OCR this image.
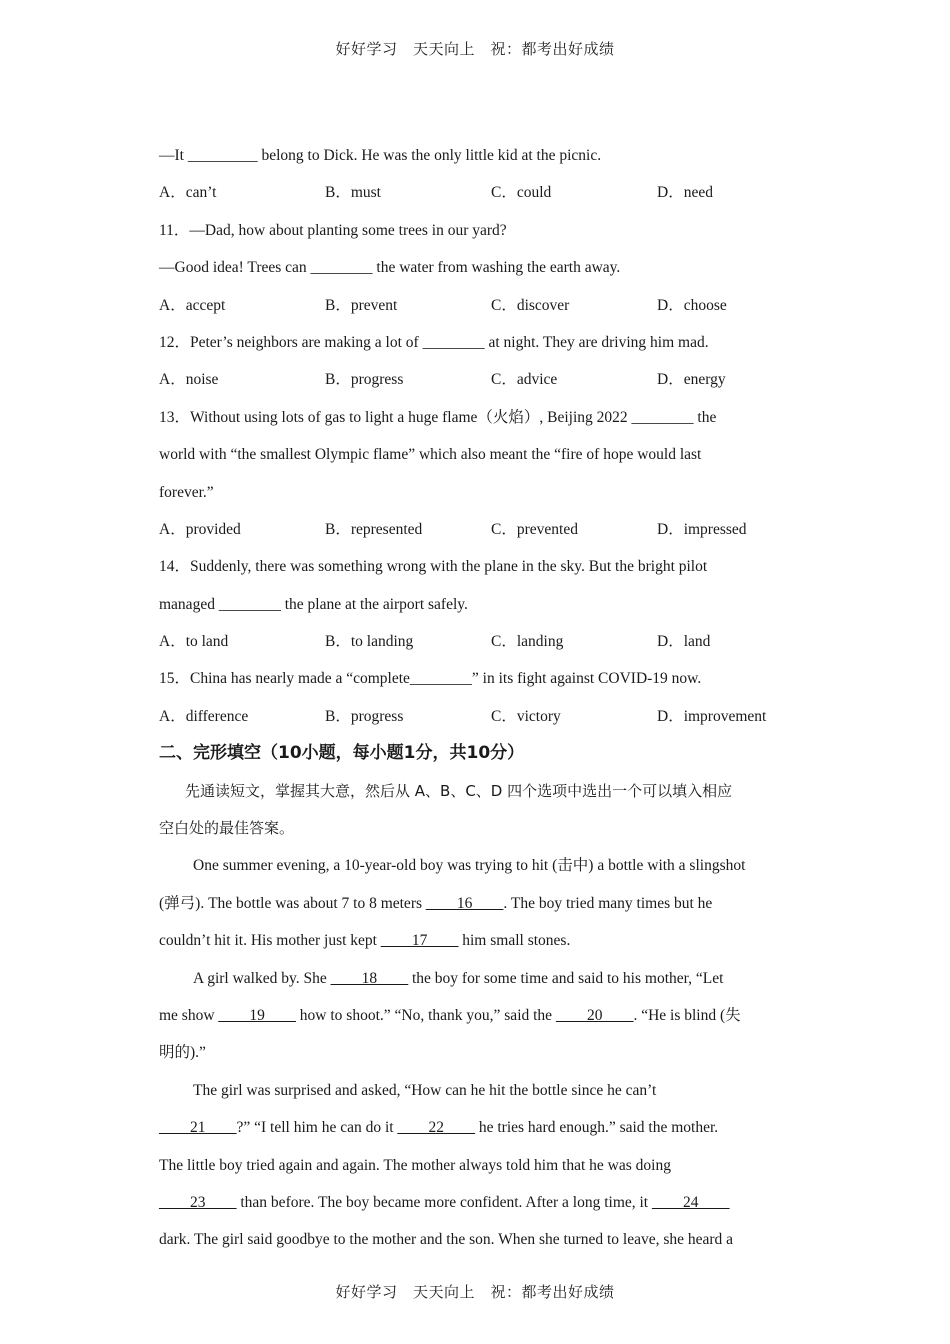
好好学习　天天向上　祝：都考出好成绩
—It _________ belong to Dick. He was the only little kid at the picnic.
A．can’t	B．must	C．could	D．need
11．—Dad, how about planting some trees in our yard?
—Good idea! Trees can ________ the water from washing the earth away.
A．accept	B．prevent	C．discover	D．choose
12．Peter’s neighbors are making a lot of ________ at night. They are driving him mad.
A．noise	B．progress	C．advice	D．energy
13．Without using lots of gas to light a huge flame（火焰）, Beijing 2022 ________ the
world with “the smallest Olympic flame” which also meant the “fire of hope would last
forever.”
A．provided	B．represented	C．prevented	D．impressed
14．Suddenly, there was something wrong with the plane in the sky. But the bright pilot
managed ________ the plane at the airport safely.
A．to land	B．to landing	C．landing	D．land
15．China has nearly made a “complete________” in its fight against COVID-19 now.
A．difference	B．progress	C．victory	D．improvement
二、完形填空（10小题，每小题1分，共10分）
先通读短文，掌握其大意，然后从 A、B、C、D 四个选项中选出一个可以填入相应
空白处的最佳答案。
One summer evening, a 10-year-old boy was trying to hit (击中) a bottle with a slingshot
(弹弓). The bottle was about 7 to 8 meters ____16____. The boy tried many times but he
couldn’t hit it. His mother just kept ____17____ him small stones.
A girl walked by. She ____18____ the boy for some time and said to his mother, “Let
me show ____19____ how to shoot.” “No, thank you,” said the ____20____. “He is blind (失
明的).”
The girl was surprised and asked, “How can he hit the bottle since he can’t
____21____?” “I tell him he can do it ____22____ he tries hard enough.” said the mother.
The little boy tried again and again. The mother always told him that he was doing
____23____ than before. The boy became more confident. After a long time, it ____24____
dark. The girl said goodbye to the mother and the son. When she turned to leave, she heard a
好好学习　天天向上　祝：都考出好成绩
